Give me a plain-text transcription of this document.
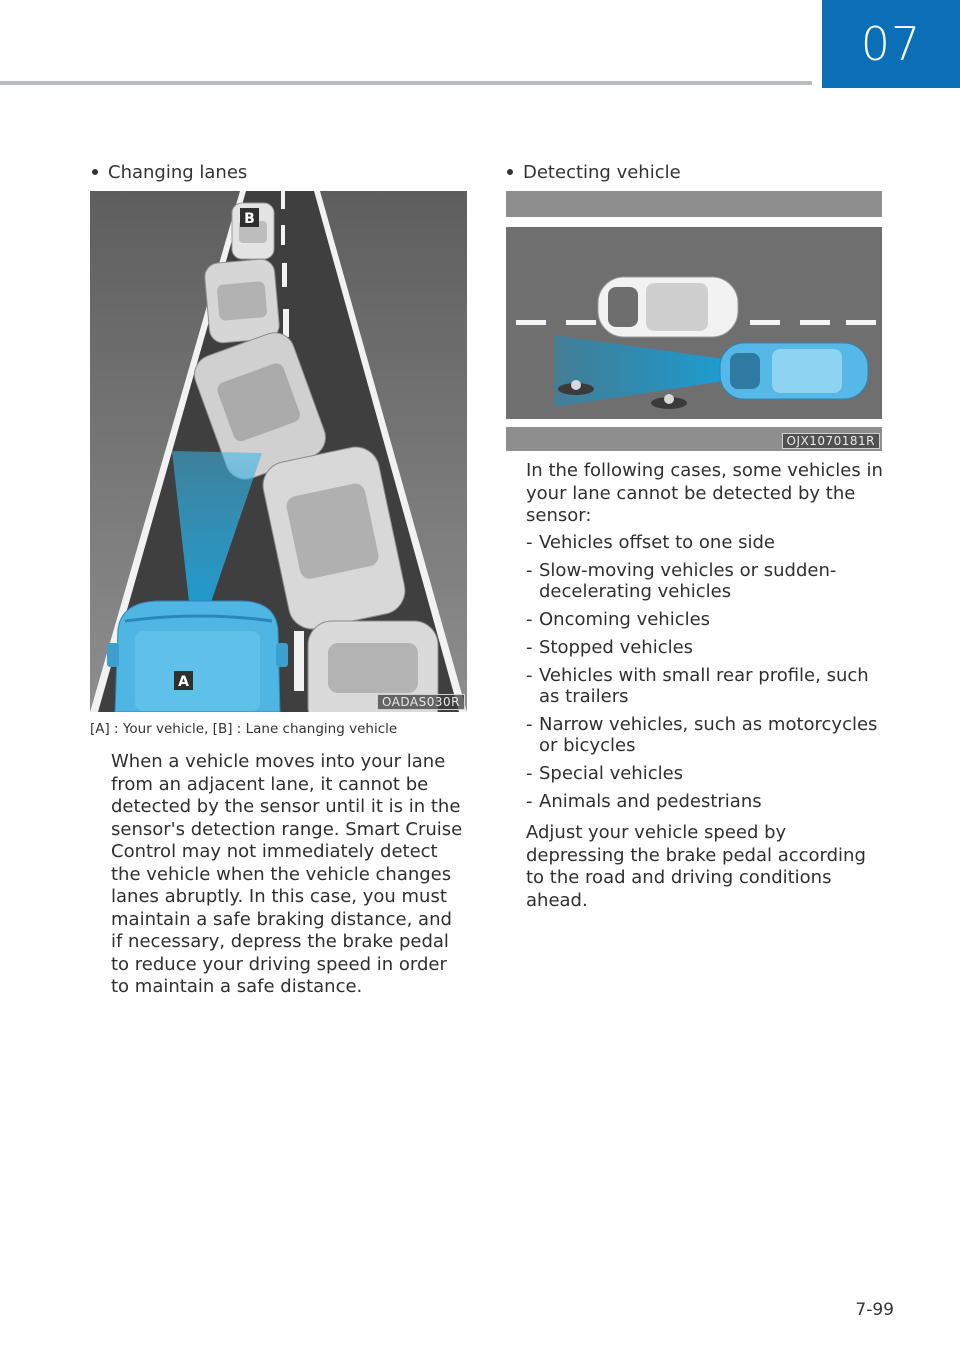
07
Changing lanes
B
A
OADAS030R
[A] : Your vehicle, [B] : Lane changing vehicle

When a vehicle moves into your lane from an adjacent lane, it cannot be detected by the sensor until it is in the sensor's detection range. Smart Cruise Control may not immediately detect the vehicle when the vehicle changes lanes abruptly. In this case, you must maintain a safe braking distance, and if necessary, depress the brake pedal to reduce your driving speed in order to maintain a safe distance.

Detecting vehicle
OJX1070181R

In the following cases, some vehicles in your lane cannot be detected by the sensor:

- Vehicles offset to one side
- Slow-moving vehicles or sudden-decelerating vehicles
- Oncoming vehicles
- Stopped vehicles
- Vehicles with small rear profile, such as trailers
- Narrow vehicles, such as motorcycles or bicycles
- Special vehicles
- Animals and pedestrians

Adjust your vehicle speed by depressing the brake pedal according to the road and driving conditions ahead.

7-99
